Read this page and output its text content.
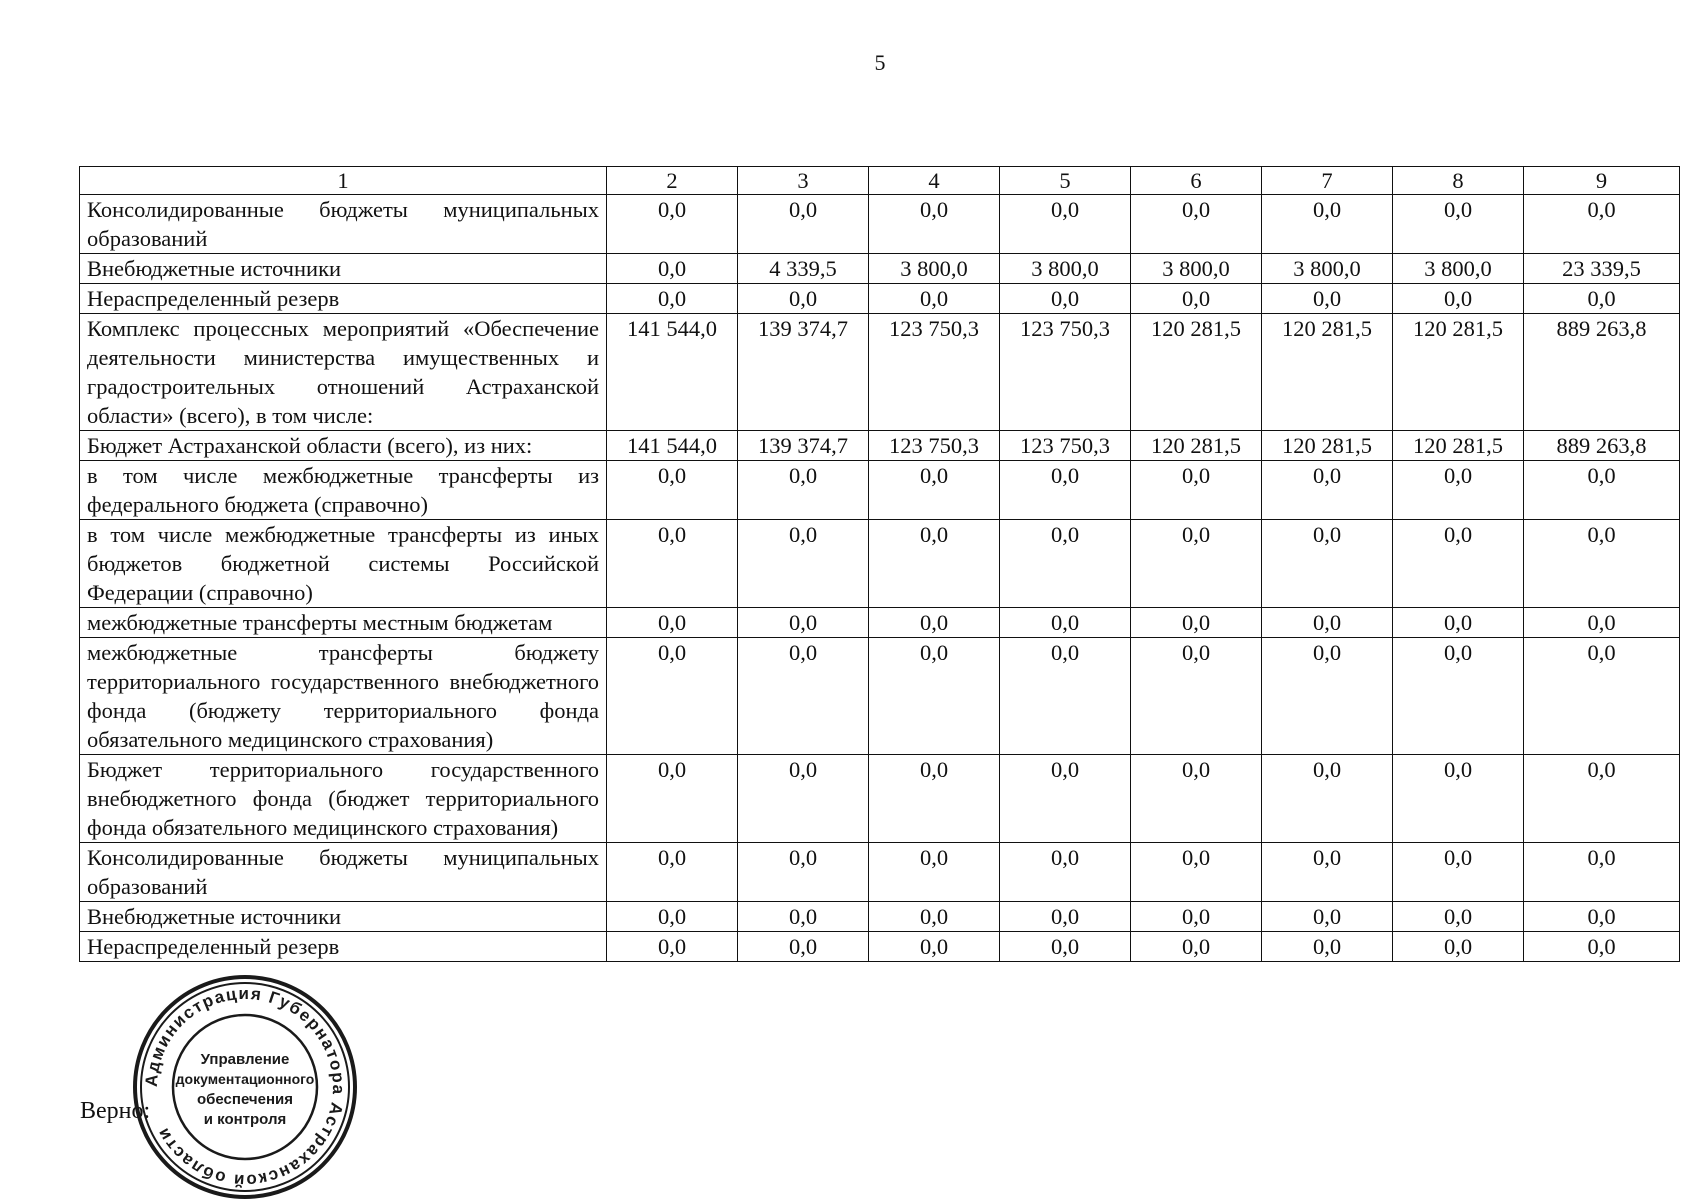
5
1	2	3	4	5	6	7	8	9
Консолидированные бюджеты муниципальных образований	0,0	0,0	0,0	0,0	0,0	0,0	0,0	0,0
Внебюджетные источники	0,0	4 339,5	3 800,0	3 800,0	3 800,0	3 800,0	3 800,0	23 339,5
Нераспределенный резерв	0,0	0,0	0,0	0,0	0,0	0,0	0,0	0,0
Комплекс процессных мероприятий «Обеспечение деятельности министерства имущественных и градостроительных отношений Астраханской области» (всего), в том числе:	141 544,0	139 374,7	123 750,3	123 750,3	120 281,5	120 281,5	120 281,5	889 263,8
Бюджет Астраханской области (всего), из них:	141 544,0	139 374,7	123 750,3	123 750,3	120 281,5	120 281,5	120 281,5	889 263,8
в том числе межбюджетные трансферты из федерального бюджета (справочно)	0,0	0,0	0,0	0,0	0,0	0,0	0,0	0,0
в том числе межбюджетные трансферты из иных бюджетов бюджетной системы Российской Федерации (справочно)	0,0	0,0	0,0	0,0	0,0	0,0	0,0	0,0
межбюджетные трансферты местным бюджетам	0,0	0,0	0,0	0,0	0,0	0,0	0,0	0,0
межбюджетные трансферты бюджету территориального государственного внебюджетного фонда (бюджету территориального фонда обязательного медицинского страхования)	0,0	0,0	0,0	0,0	0,0	0,0	0,0	0,0
Бюджет территориального государственного внебюджетного фонда (бюджет территориального фонда обязательного медицинского страхования)	0,0	0,0	0,0	0,0	0,0	0,0	0,0	0,0
Консолидированные бюджеты муниципальных образований	0,0	0,0	0,0	0,0	0,0	0,0	0,0	0,0
Внебюджетные источники	0,0	0,0	0,0	0,0	0,0	0,0	0,0	0,0
Нераспределенный резерв	0,0	0,0	0,0	0,0	0,0	0,0	0,0	0,0
Верно:
Администрация Губернатора Астраханской области
Управление
документационного
обеспечения
и контроля
